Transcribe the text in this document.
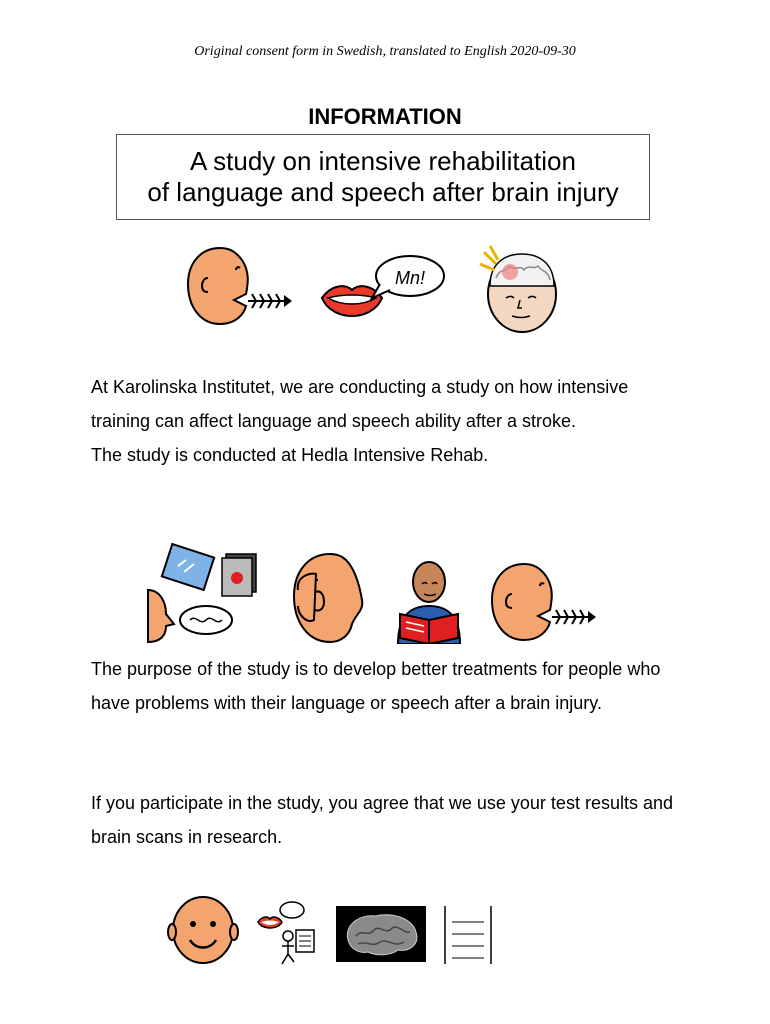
Original consent form in Swedish, translated to English 2020-09-30
INFORMATION
A study on intensive rehabilitation
of language and speech after brain injury
Mn!

At Karolinska Institutet, we are conducting a study on how intensive training can affect language and speech ability after a stroke.

The study is conducted at Hedla Intensive Rehab.

The purpose of the study is to develop better treatments for people who have problems with their language or speech after a brain injury.

If you participate in the study, you agree that we use your test results and brain scans in research.
